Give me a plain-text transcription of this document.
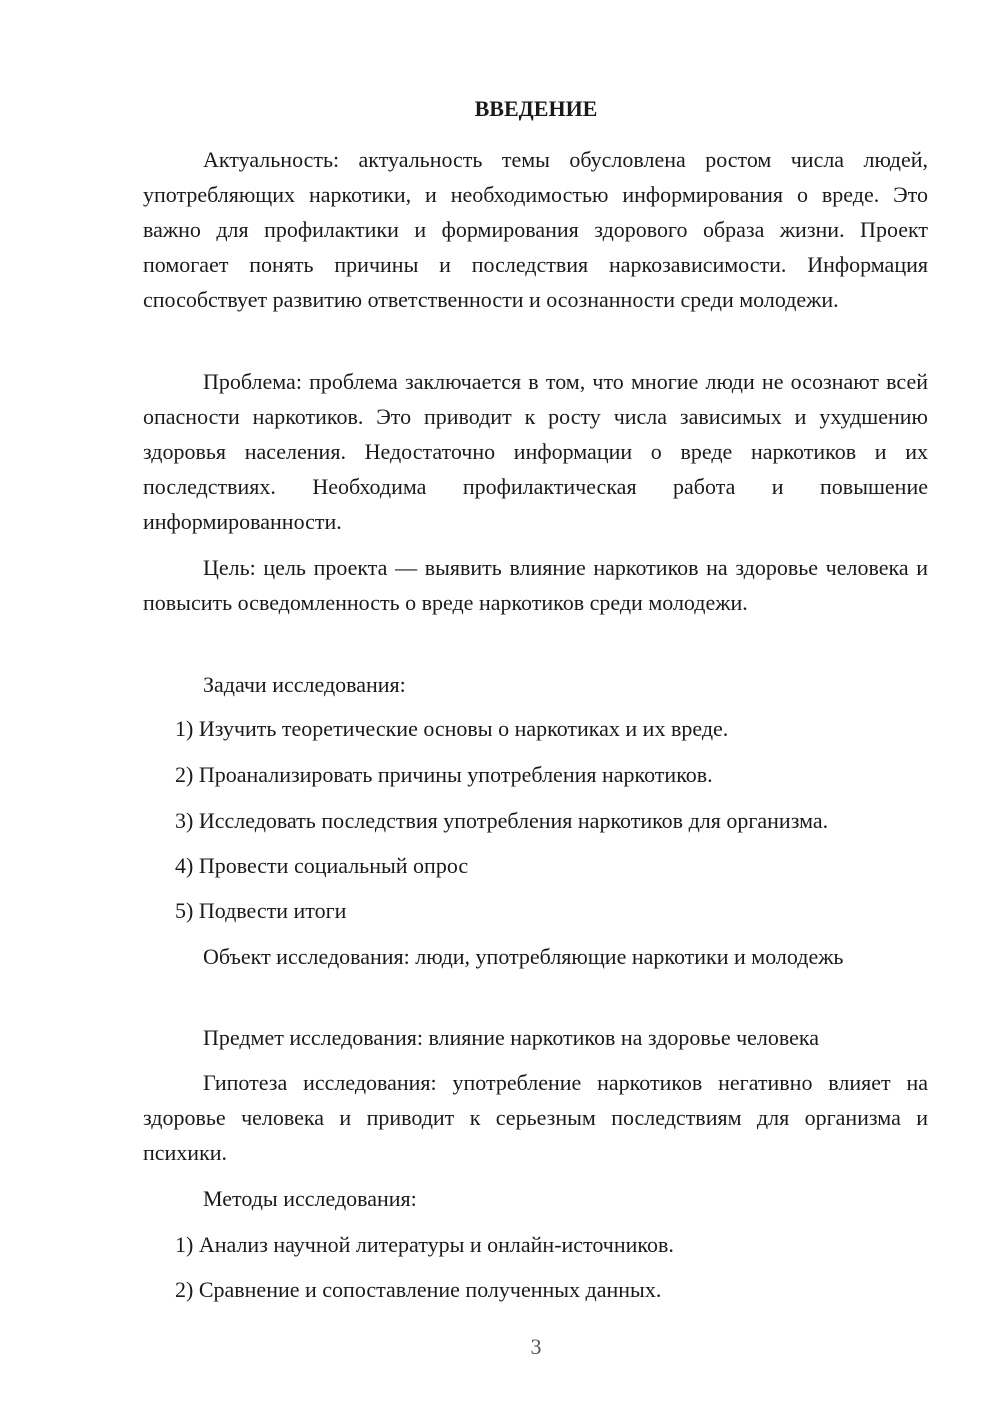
ВВЕДЕНИЕ

Актуальность: актуальность темы обусловлена ростом числа людей, употребляющих наркотики, и необходимостью информирования о вреде. Это важно для профилактики и формирования здорового образа жизни. Проект помогает понять причины и последствия наркозависимости. Информация способствует развитию ответственности и осознанности среди молодежи.

Проблема: проблема заключается в том, что многие люди не осознают всей опасности наркотиков. Это приводит к росту числа зависимых и ухудшению здоровья населения. Недостаточно информации о вреде наркотиков и их последствиях. Необходима профилактическая работа и повышение информированности.

Цель: цель проекта — выявить влияние наркотиков на здоровье человека и повысить осведомленность о вреде наркотиков среди молодежи.

Задачи исследования:

1) Изучить теоретические основы о наркотиках и их вреде.

2) Проанализировать причины употребления наркотиков.

3) Исследовать последствия употребления наркотиков для организма.

4) Провести социальный опрос

5) Подвести итоги

Объект исследования: люди, употребляющие наркотики и молодежь

Предмет исследования: влияние наркотиков на здоровье человека

Гипотеза исследования: употребление наркотиков негативно влияет на здоровье человека и приводит к серьезным последствиям для организма и психики.

Методы исследования:

1) Анализ научной литературы и онлайн-источников.

2) Сравнение и сопоставление полученных данных.

3
